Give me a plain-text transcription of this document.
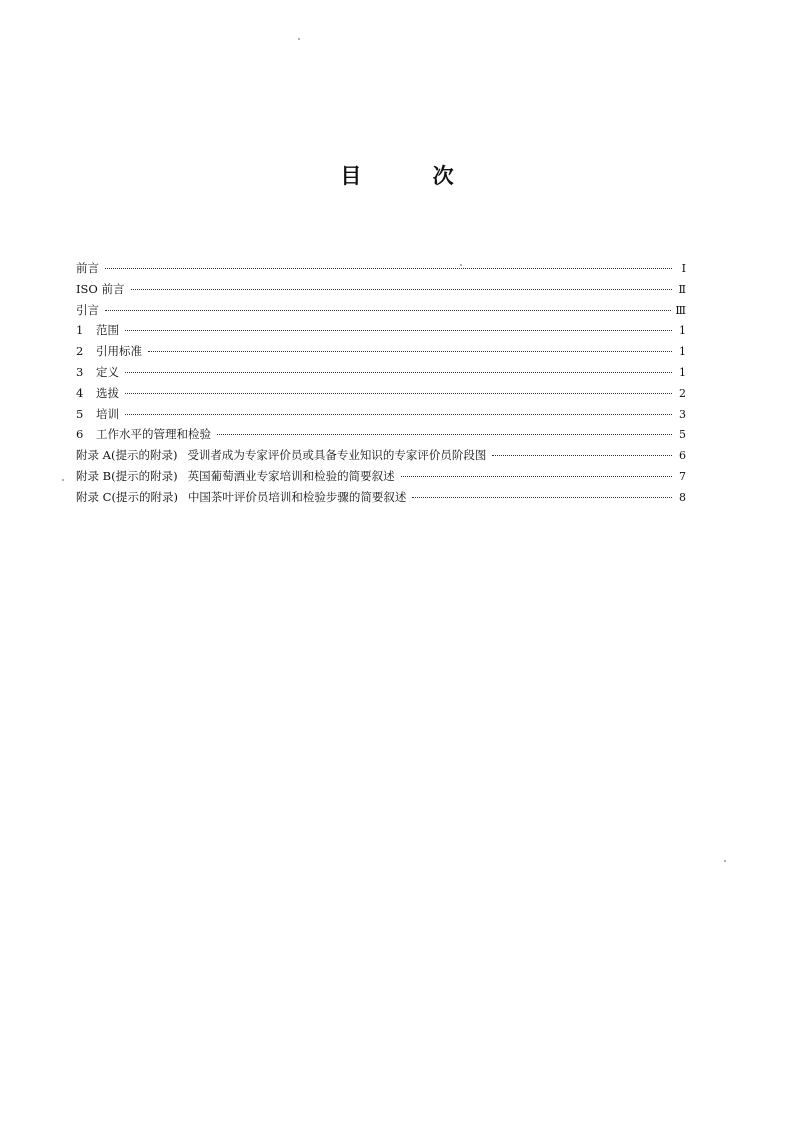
目	次
前言	Ⅰ
ISO 前言	Ⅱ
引言	Ⅲ
1	范围	1
2	引用标准	1
3	定义	1
4	选拔	2
5	培训	3
6	工作水平的管理和检验	5
附录 A(提示的附录) 受训者成为专家评价员或具备专业知识的专家评价员阶段图	6
附录 B(提示的附录) 英国葡萄酒业专家培训和检验的简要叙述	7
附录 C(提示的附录) 中国茶叶评价员培训和检验步骤的简要叙述	8
